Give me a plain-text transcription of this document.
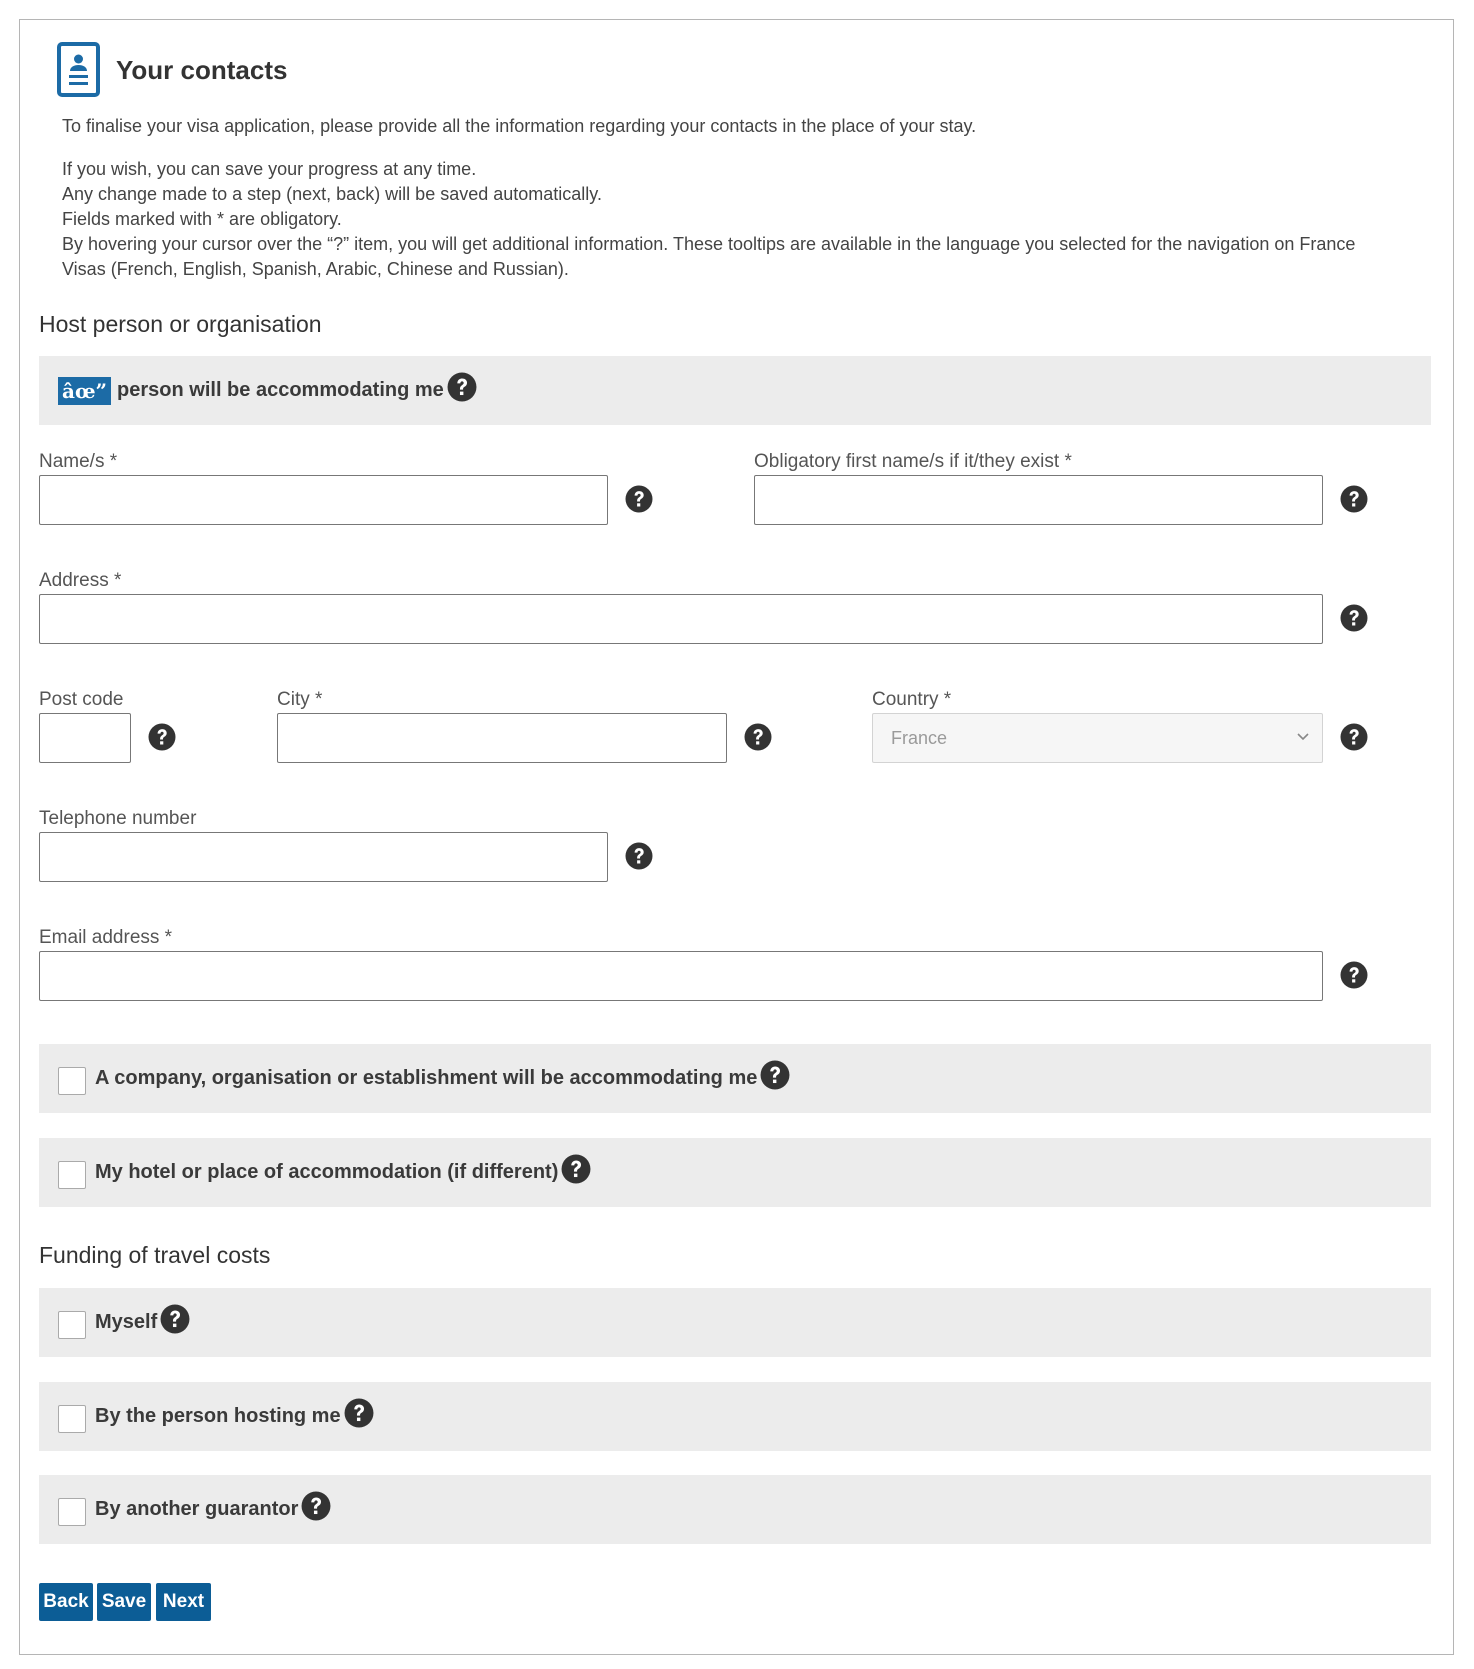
Your contacts
To finalise your visa application, please provide all the information regarding your contacts in the place of your stay.
If you wish, you can save your progress at any time.
Any change made to a step (next, back) will be saved automatically.
Fields marked with * are obligatory.
By hovering your cursor over the “?” item, you will get additional information. These tooltips are available in the language you selected for the navigation on France Visas (French, English, Spanish, Arabic, Chinese and Russian).
Host person or organisation
âœ” person will be accommodating me
Name/s *	Obligatory first name/s if it/they exist *
Address *
Post code	City *	Country *
France
Telephone number
Email address *
A company, organisation or establishment will be accommodating me
My hotel or place of accommodation (if different)
Funding of travel costs
Myself
By the person hosting me
By another guarantor
Back Save Next
